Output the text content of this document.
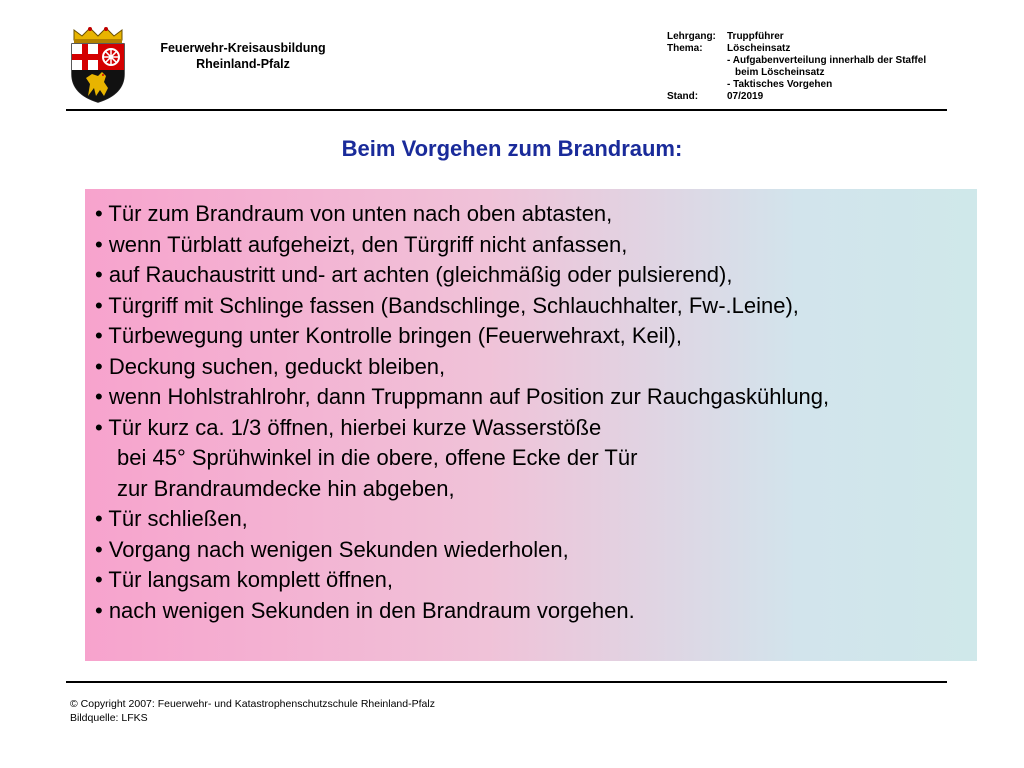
Feuerwehr-Kreisausbildung
Rheinland-Pfalz
Lehrgang:	Truppführer
Thema:	Löscheinsatz
- Aufgabenverteilung innerhalb der Staffel
beim Löscheinsatz
- Taktisches Vorgehen
Stand:	07/2019
Beim Vorgehen zum Brandraum:
• Tür zum Brandraum von unten nach oben abtasten,
• wenn Türblatt aufgeheizt, den Türgriff nicht anfassen,
• auf Rauchaustritt und- art achten (gleichmäßig oder pulsierend),
• Türgriff mit Schlinge fassen (Bandschlinge, Schlauchhalter, Fw-.Leine),
• Türbewegung unter Kontrolle bringen (Feuerwehraxt, Keil),
• Deckung suchen, geduckt bleiben,
• wenn Hohlstrahlrohr, dann Truppmann auf Position zur Rauchgaskühlung,
• Tür kurz ca. 1/3 öffnen, hierbei kurze Wasserstöße
bei 45° Sprühwinkel in die obere, offene Ecke der Tür
zur Brandraumdecke hin abgeben,
• Tür schließen,
• Vorgang nach wenigen Sekunden wiederholen,
• Tür langsam komplett öffnen,
• nach wenigen Sekunden in den Brandraum vorgehen.
© Copyright 2007: Feuerwehr- und Katastrophenschutzschule Rheinland-Pfalz
Bildquelle: LFKS
